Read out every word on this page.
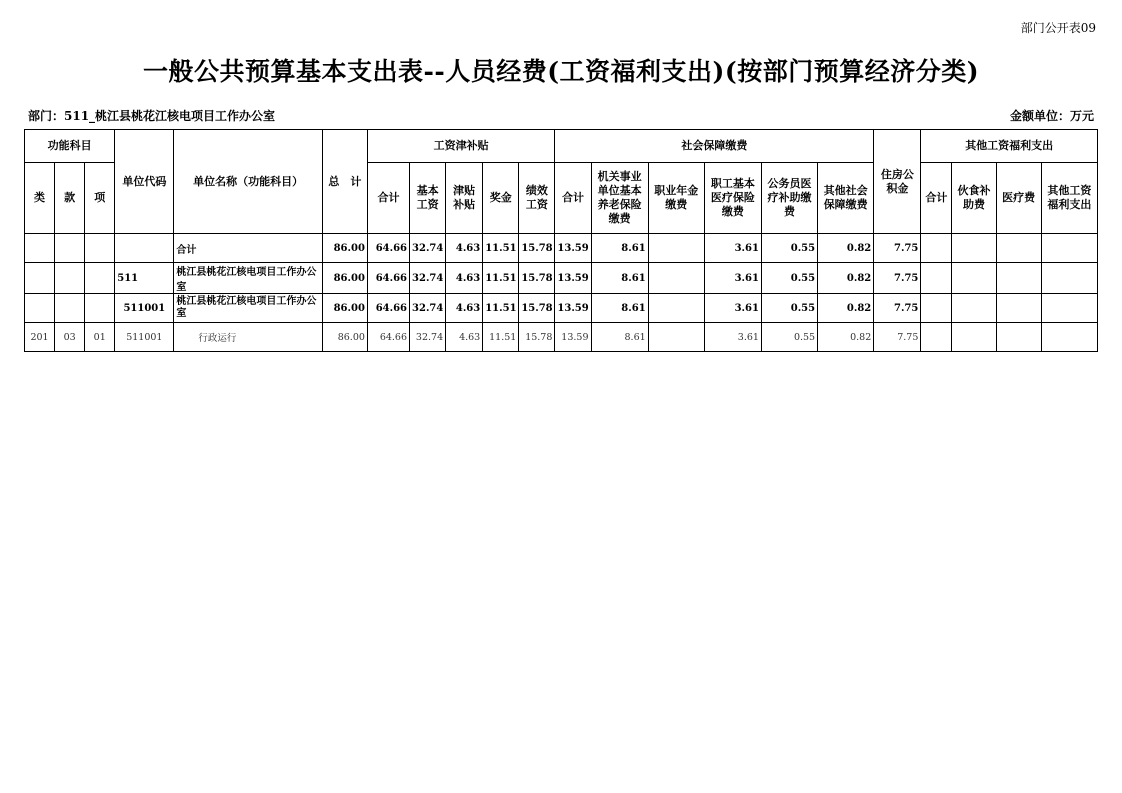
部门公开表09
一般公共预算基本支出表--人员经费(工资福利支出)(按部门预算经济分类)
部门：511_桃江县桃花江核电项目工作办公室	金额单位：万元
功能科目			单位代码	单位名称（功能科目）	总　计	工资津补贴					社会保障缴费						住房公积金	其他工资福利支出			
类	款	项				合计	基本工资	津贴补贴	奖金	绩效工资	合计	机关事业单位基本养老保险缴费	职业年金缴费	职工基本医疗保险缴费	公务员医疗补助缴费	其他社会保障缴费		合计	伙食补助费	医疗费	其他工资福利支出
				合计	86.00	64.66	32.74	4.63	11.51	15.78	13.59	8.61		3.61	0.55	0.82	7.75				
			511	桃江县桃花江核电项目工作办公室	86.00	64.66	32.74	4.63	11.51	15.78	13.59	8.61		3.61	0.55	0.82	7.75				
			511001	桃江县桃花江核电项目工作办公室	86.00	64.66	32.74	4.63	11.51	15.78	13.59	8.61		3.61	0.55	0.82	7.75				
201	03	01	511001	行政运行	86.00	64.66	32.74	4.63	11.51	15.78	13.59	8.61		3.61	0.55	0.82	7.75				
